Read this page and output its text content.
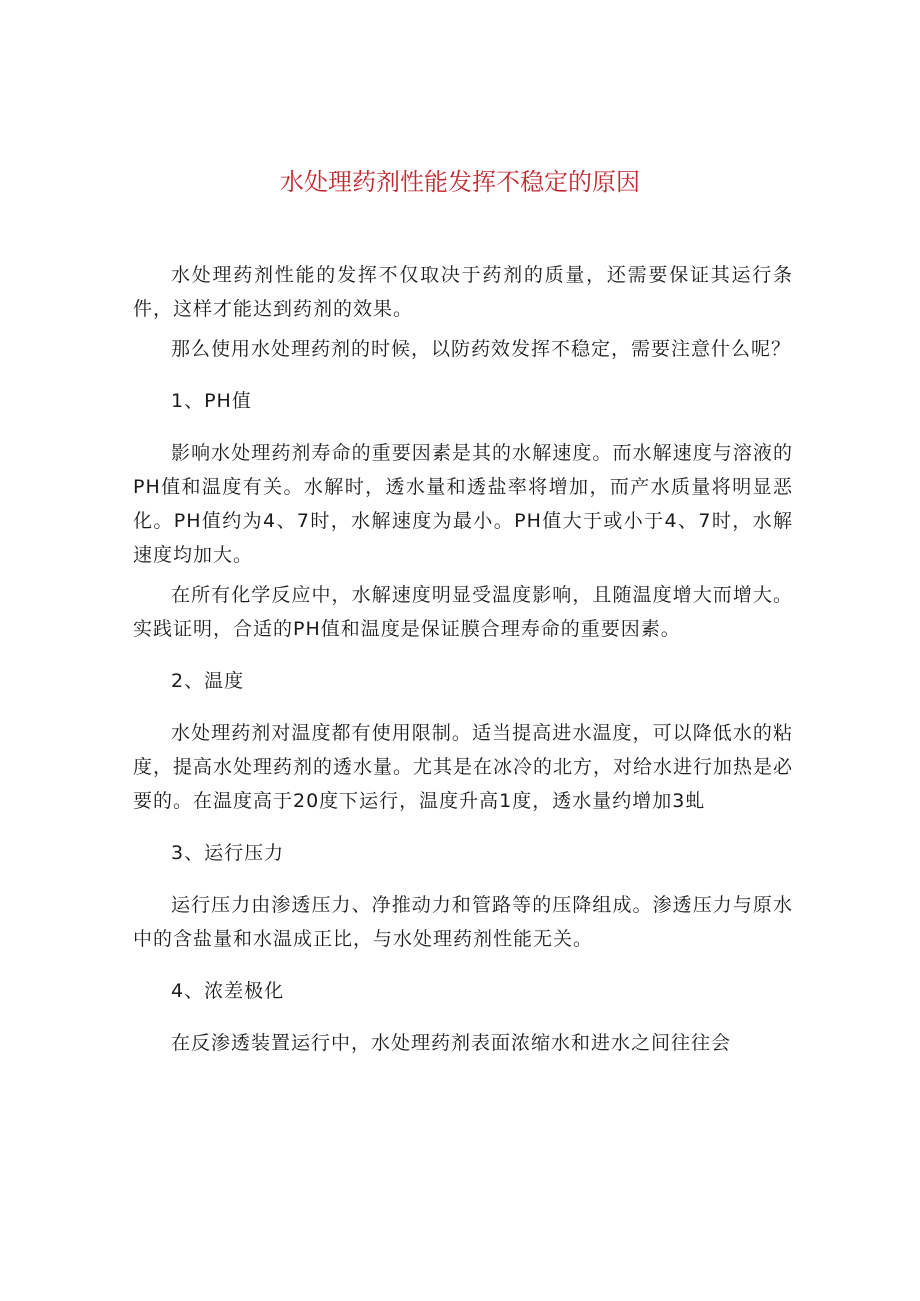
水处理药剂性能发挥不稳定的原因

水处理药剂性能的发挥不仅取决于药剂的质量，还需要保证其运行条件，这样才能达到药剂的效果。

那么使用水处理药剂的时候，以防药效发挥不稳定，需要注意什么呢？

1、PH值

影响水处理药剂寿命的重要因素是其的水解速度。而水解速度与溶液的PH值和温度有关。水解时，透水量和透盐率将增加，而产水质量将明显恶化。PH值约为4、7时，水解速度为最小。PH值大于或小于4、7时，水解速度均加大。

在所有化学反应中，水解速度明显受温度影响，且随温度增大而增大。实践证明，合适的PH值和温度是保证膜合理寿命的重要因素。

2、温度

水处理药剂对温度都有使用限制。适当提高进水温度，可以降低水的粘度，提高水处理药剂的透水量。尤其是在冰冷的北方，对给水进行加热是必要的。在温度高于20度下运行，温度升高1度，透水量约增加3虬

3、运行压力

运行压力由渗透压力、净推动力和管路等的压降组成。渗透压力与原水中的含盐量和水温成正比，与水处理药剂性能无关。

4、浓差极化

在反渗透装置运行中，水处理药剂表面浓缩水和进水之间往往会
